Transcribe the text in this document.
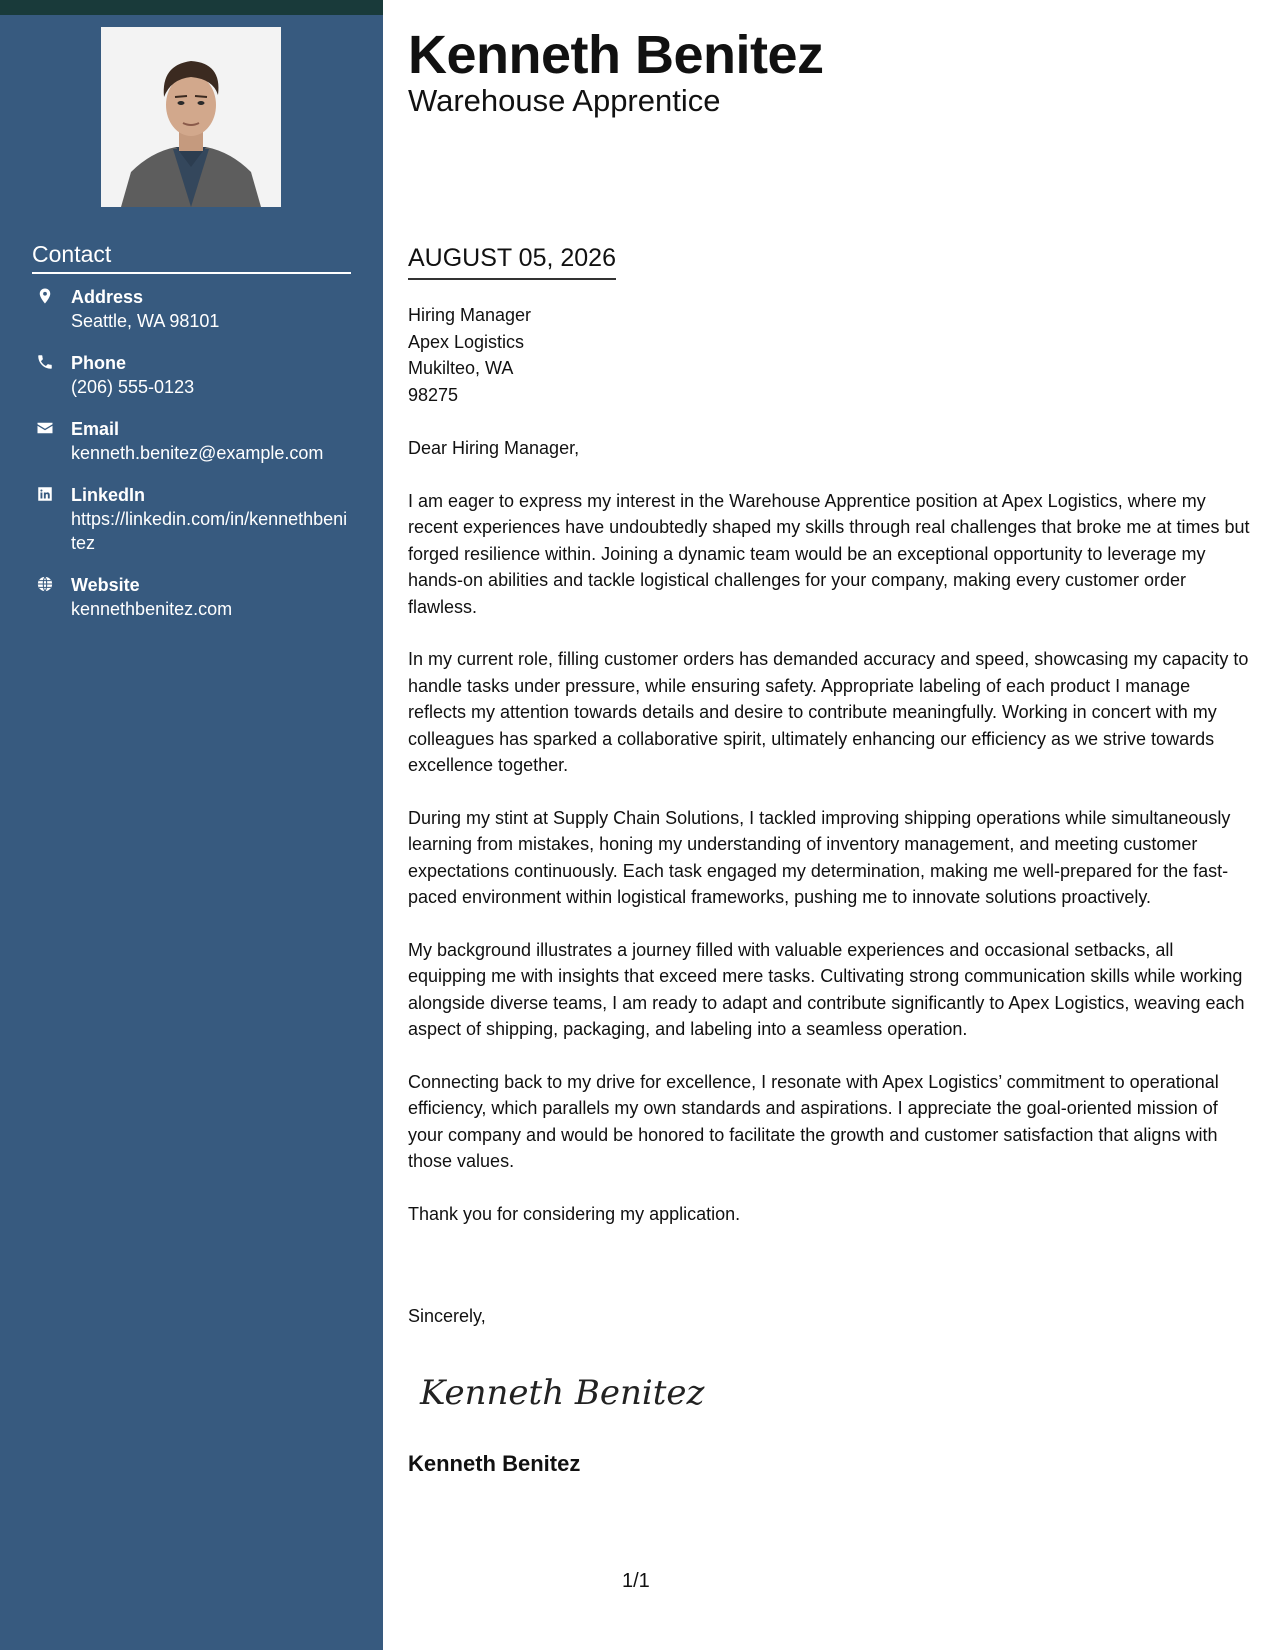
Contact
Address
Seattle, WA 98101
Phone
(206) 555-0123
Email
kenneth.benitez@example.com
LinkedIn
https://linkedin.com/in/kennethbenitez
Website
kennethbenitez.com
Kenneth Benitez
Warehouse Apprentice
AUGUST 05, 2026
Hiring Manager
Apex Logistics
Mukilteo, WA
98275

Dear Hiring Manager,

I am eager to express my interest in the Warehouse Apprentice position at Apex Logistics, where my recent experiences have undoubtedly shaped my skills through real challenges that broke me at times but forged resilience within. Joining a dynamic team would be an exceptional opportunity to leverage my hands-on abilities and tackle logistical challenges for your company, making every customer order flawless.

In my current role, filling customer orders has demanded accuracy and speed, showcasing my capacity to handle tasks under pressure, while ensuring safety. Appropriate labeling of each product I manage reflects my attention towards details and desire to contribute meaningfully. Working in concert with my colleagues has sparked a collaborative spirit, ultimately enhancing our efficiency as we strive towards excellence together.

During my stint at Supply Chain Solutions, I tackled improving shipping operations while simultaneously learning from mistakes, honing my understanding of inventory management, and meeting customer expectations continuously. Each task engaged my determination, making me well-prepared for the fast-paced environment within logistical frameworks, pushing me to innovate solutions proactively.

My background illustrates a journey filled with valuable experiences and occasional setbacks, all equipping me with insights that exceed mere tasks. Cultivating strong communication skills while working alongside diverse teams, I am ready to adapt and contribute significantly to Apex Logistics, weaving each aspect of shipping, packaging, and labeling into a seamless operation.

Connecting back to my drive for excellence, I resonate with Apex Logistics’ commitment to operational efficiency, which parallels my own standards and aspirations. I appreciate the goal-oriented mission of your company and would be honored to facilitate the growth and customer satisfaction that aligns with those values.

Thank you for considering my application.

Sincerely,
Kenneth Benitez
Kenneth Benitez
1/1
